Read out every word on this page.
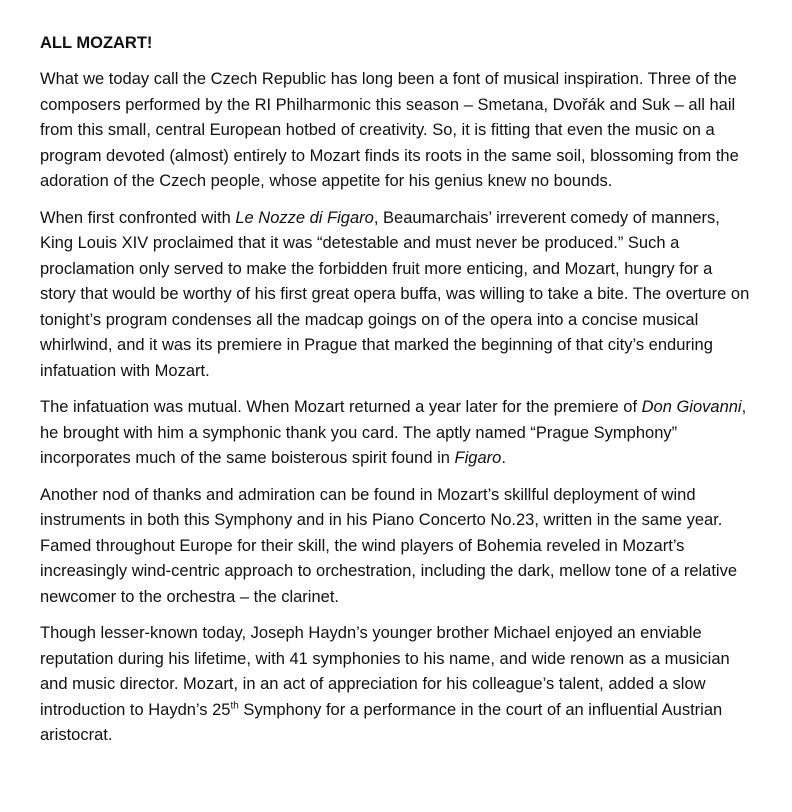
ALL MOZART!

What we today call the Czech Republic has long been a font of musical inspiration. Three of the composers performed by the RI Philharmonic this season – Smetana, Dvořák and Suk – all hail from this small, central European hotbed of creativity. So, it is fitting that even the music on a program devoted (almost) entirely to Mozart finds its roots in the same soil, blossoming from the adoration of the Czech people, whose appetite for his genius knew no bounds.

When first confronted with Le Nozze di Figaro, Beaumarchais’ irreverent comedy of manners, King Louis XIV proclaimed that it was “detestable and must never be produced.” Such a proclamation only served to make the forbidden fruit more enticing, and Mozart, hungry for a story that would be worthy of his first great opera buffa, was willing to take a bite. The overture on tonight’s program condenses all the madcap goings on of the opera into a concise musical whirlwind, and it was its premiere in Prague that marked the beginning of that city’s enduring infatuation with Mozart.

The infatuation was mutual. When Mozart returned a year later for the premiere of Don Giovanni, he brought with him a symphonic thank you card. The aptly named “Prague Symphony” incorporates much of the same boisterous spirit found in Figaro.

Another nod of thanks and admiration can be found in Mozart’s skillful deployment of wind instruments in both this Symphony and in his Piano Concerto No.23, written in the same year. Famed throughout Europe for their skill, the wind players of Bohemia reveled in Mozart’s increasingly wind-centric approach to orchestration, including the dark, mellow tone of a relative newcomer to the orchestra – the clarinet.

Though lesser-known today, Joseph Haydn’s younger brother Michael enjoyed an enviable reputation during his lifetime, with 41 symphonies to his name, and wide renown as a musician and music director. Mozart, in an act of appreciation for his colleague’s talent, added a slow introduction to Haydn’s 25th Symphony for a performance in the court of an influential Austrian aristocrat.
